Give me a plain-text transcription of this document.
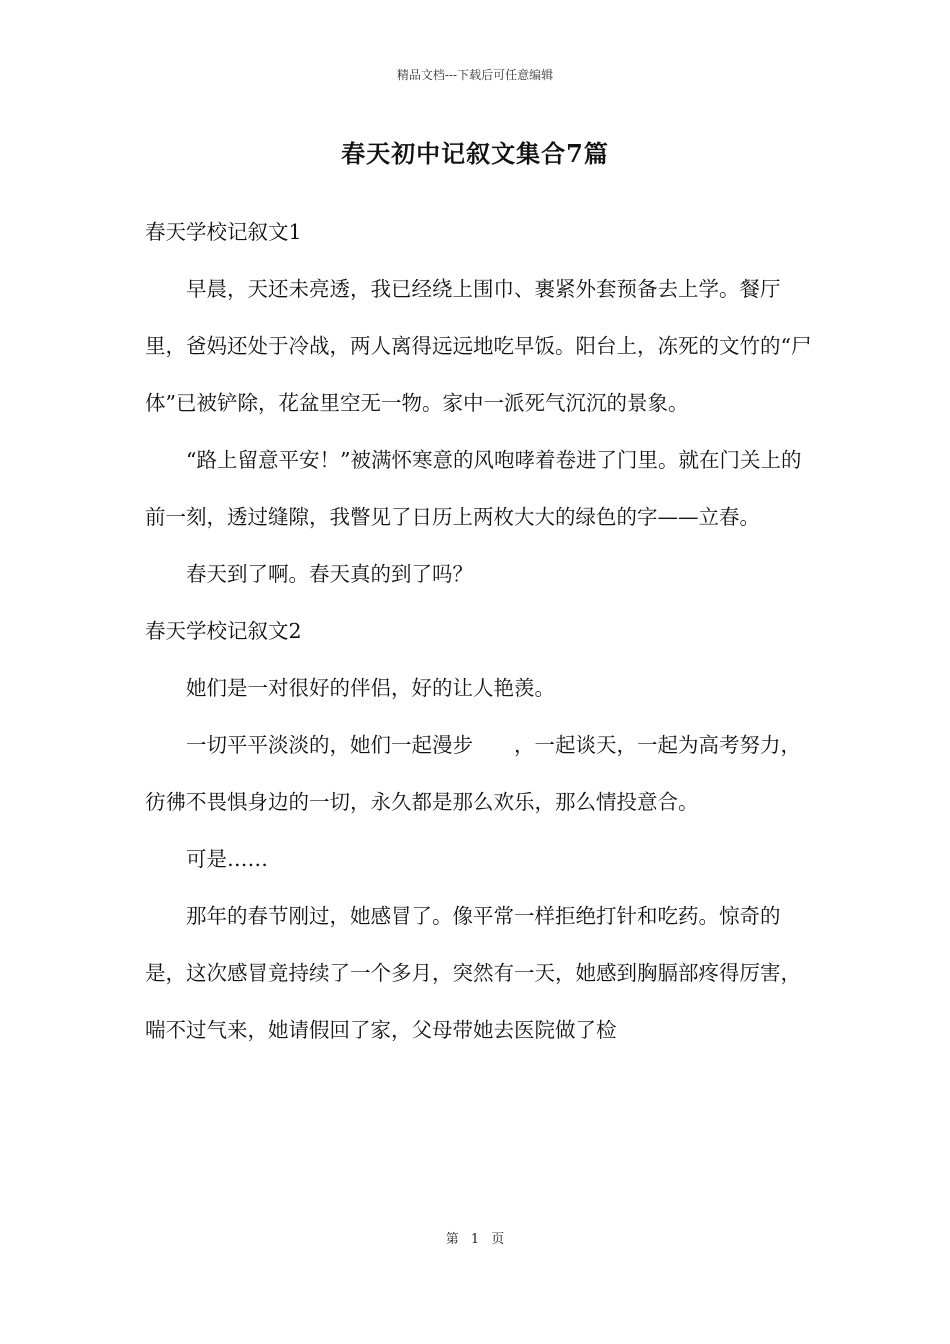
精品文档---下载后可任意编辑
春天初中记叙文集合7篇

春天学校记叙文1

早晨，天还未亮透，我已经绕上围巾、裹紧外套预备去上学。餐厅里，爸妈还处于冷战，两人离得远远地吃早饭。阳台上，冻死的文竹的“尸体”已被铲除，花盆里空无一物。家中一派死气沉沉的景象。

“路上留意平安！”被满怀寒意的风咆哮着卷进了门里。就在门关上的前一刻，透过缝隙，我瞥见了日历上两枚大大的绿色的字——立春。

春天到了啊。春天真的到了吗？

春天学校记叙文2

她们是一对很好的伴侣，好的让人艳羡。

一切平平淡淡的，她们一起漫步　　，一起谈天，一起为高考努力，彷彿不畏惧身边的一切，永久都是那么欢乐，那么情投意合。

可是……

那年的春节刚过，她感冒了。像平常一样拒绝打针和吃药。惊奇的是，这次感冒竟持续了一个多月，突然有一天，她感到胸膈部疼得厉害，喘不过气来，她请假回了家，父母带她去医院做了检

第 1 页
